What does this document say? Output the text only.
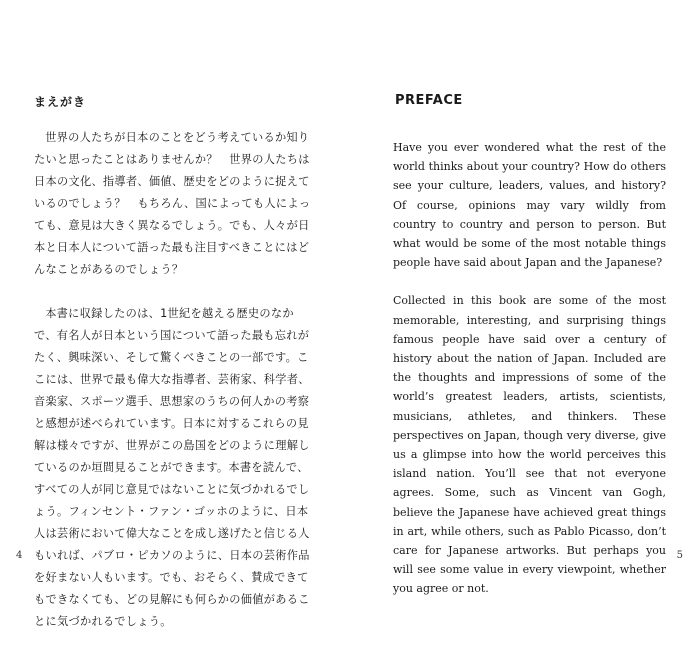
まえがき

世界の人たちが日本のことをどう考えているか知りたいと思ったことはありませんか？　世界の人たちは日本の文化、指導者、価値、歴史をどのように捉えているのでしょう？　もちろん、国によっても人によっても、意見は大きく異なるでしょう。でも、人々が日本と日本人について語った最も注目すべきことにはどんなことがあるのでしょう？

本書に収録したのは、1世紀を越える歴史のなかで、有名人が日本という国について語った最も忘れがたく、興味深い、そして驚くべきことの一部です。ここには、世界で最も偉大な指導者、芸術家、科学者、音楽家、スポーツ選手、思想家のうちの何人かの考察と感想が述べられています。日本に対するこれらの見解は様々ですが、世界がこの島国をどのように理解しているのか垣間見ることができます。本書を読んで、すべての人が同じ意見ではないことに気づかれるでしょう。フィンセント・ファン・ゴッホのように、日本人は芸術において偉大なことを成し遂げたと信じる人もいれば、パブロ・ピカソのように、日本の芸術作品を好まない人もいます。でも、おそらく、賛成できてもできなくても、どの見解にも何らかの価値があることに気づかれるでしょう。

4
PREFACE

Have you ever wondered what the rest of the world thinks about your country? How do others see your culture, leaders, values, and history? Of course, opinions may vary wildly from country to country and person to person. But what would be some of the most notable things people have said about Japan and the Japanese?

Collected in this book are some of the most memorable, interesting, and surprising things famous people have said over a century of history about the nation of Japan. Included are the thoughts and impressions of some of the world’s greatest leaders, artists, scientists, musicians, athletes, and thinkers. These perspectives on Japan, though very diverse, give us a glimpse into how the world perceives this island nation. You’ll see that not everyone agrees. Some, such as Vincent van Gogh, believe the Japanese have achieved great things in art, while others, such as Pablo Picasso, don’t care for Japanese artworks. But perhaps you will see some value in every viewpoint, whether you agree or not.

5
